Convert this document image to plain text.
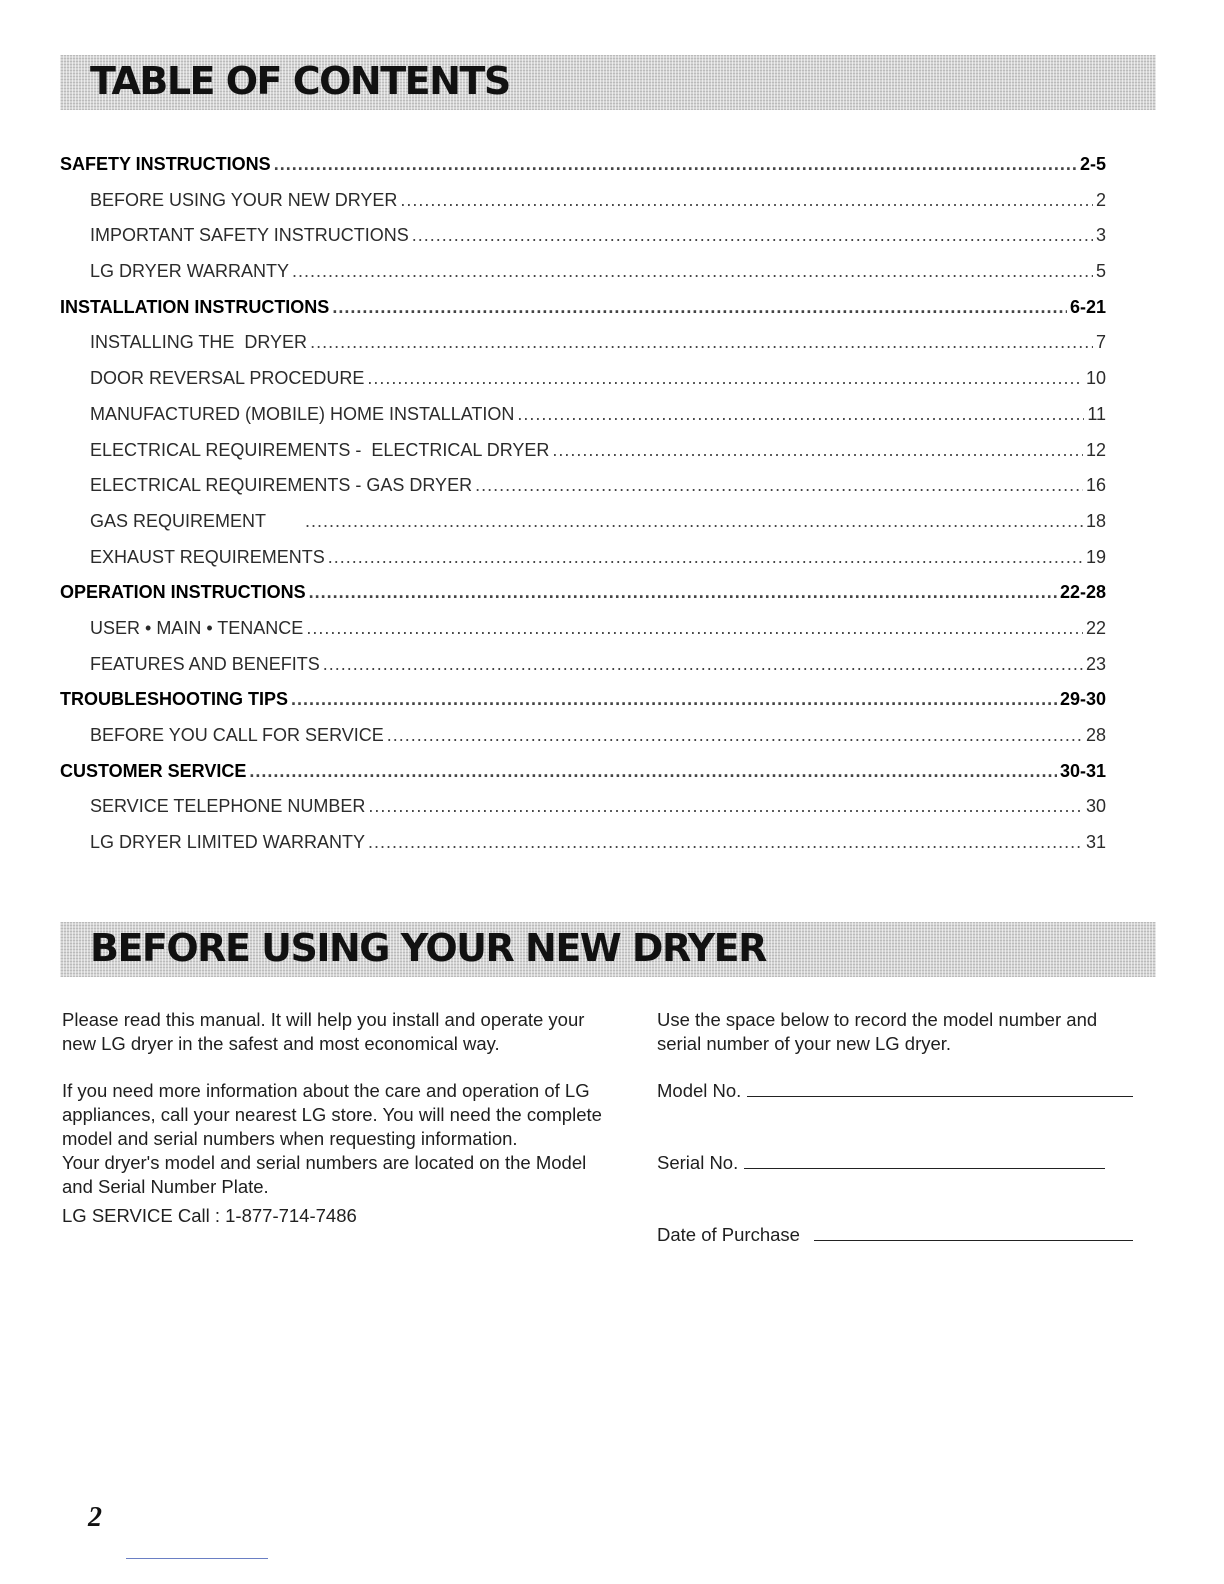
TABLE OF CONTENTS
SAFETY INSTRUCTIONS .....	2-5
BEFORE USING YOUR NEW DRYER .....	2
IMPORTANT SAFETY INSTRUCTIONS .....	3
LG DRYER WARRANTY .....	5
INSTALLATION INSTRUCTIONS .....	6-21
INSTALLING THE  DRYER .....	7
DOOR REVERSAL PROCEDURE .....	10
MANUFACTURED (MOBILE) HOME INSTALLATION .....	11
ELECTRICAL REQUIREMENTS -  ELECTRICAL DRYER .....	12
ELECTRICAL REQUIREMENTS - GAS DRYER .....	16
GAS REQUIREMENT .....	18
EXHAUST REQUIREMENTS .....	19
OPERATION INSTRUCTIONS .....	22-28
USER • MAIN • TENANCE .....	22
FEATURES AND BENEFITS .....	23
TROUBLESHOOTING TIPS .....	29-30
BEFORE YOU CALL FOR SERVICE .....	28
CUSTOMER SERVICE .....	30-31
SERVICE TELEPHONE NUMBER .....	30
LG DRYER LIMITED WARRANTY .....	31
BEFORE USING YOUR NEW DRYER

Please read this manual. It will help you install and operate your new LG dryer in the safest and most economical way.

If you need more information about the care and operation of LG appliances, call your nearest LG store. You will need the complete model and serial numbers when requesting information.

Your dryer's model and serial numbers are located on the Model and Serial Number Plate.

LG SERVICE Call : 1-877-714-7486

Use the space below to record the model number and serial number of your new LG dryer.

Model No.
Serial No.
Date of Purchase
2
